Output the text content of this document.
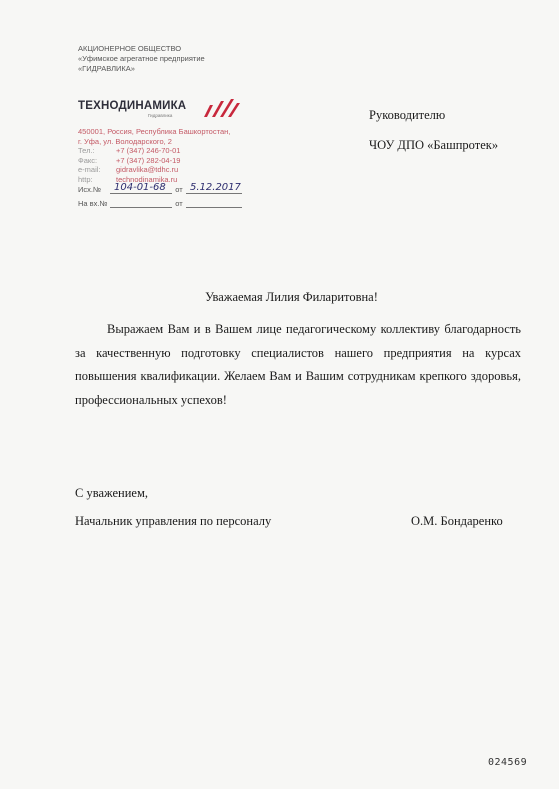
АКЦИОНЕРНОЕ ОБЩЕСТВО
«Уфимское агрегатное предприятие
«ГИДРАВЛИКА»
ТЕХНОДИНАМИКА
Гидравлика
450001, Россия, Республика Башкортостан,
г. Уфа, ул. Володарского, 2
Тел.:	+7 (347) 246-70-01
Факс:	+7 (347) 282-04-19
e-mail:	gidravlika@tdhc.ru
http:	technodinamika.ru
Исх.№	104-01-68	от 5.12.2017
На вх.№	от
Руководителю
ЧОУ ДПО «Башпротек»
Уважаемая Лилия Филаритовна!
Выражаем Вам и в Вашем лице педагогическому коллективу благодарность за качественную подготовку специалистов нашего предприятия на курсах повышения квалификации. Желаем Вам и Вашим сотрудникам крепкого здоровья, профессиональных успехов!
С уважением,
Начальник управления по персоналу	О.М. Бондаренко
024569
